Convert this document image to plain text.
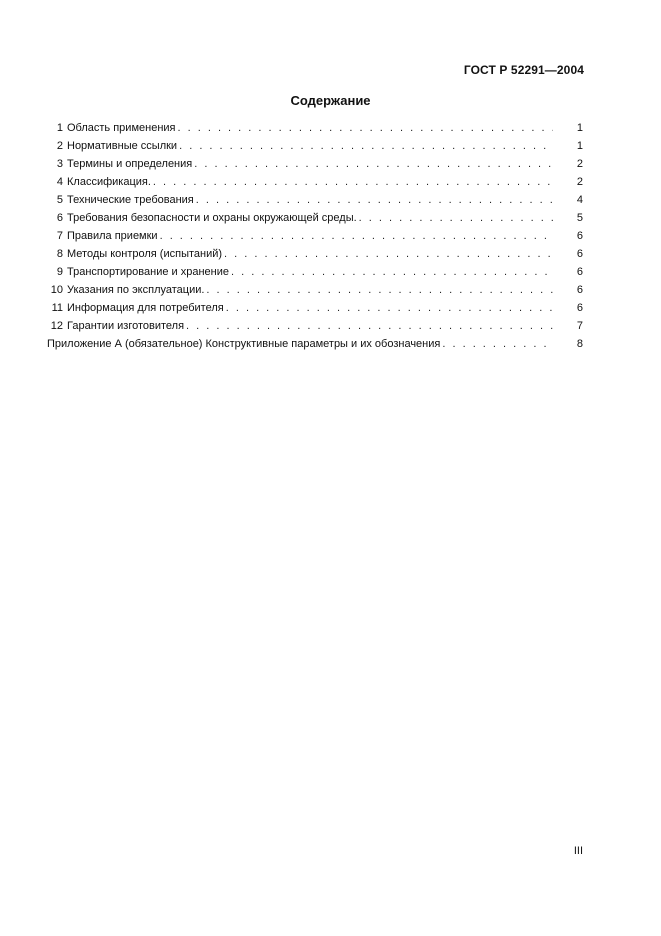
ГОСТ Р 52291—2004
Содержание
1 Область применения . . .	1
2 Нормативные ссылки . . .	1
3 Термины и определения . . .	2
4 Классификация. . . .	2
5 Технические требования . . .	4
6 Требования безопасности и охраны окружающей среды. . . .	5
7 Правила приемки . . .	6
8 Методы контроля (испытаний) . . .	6
9 Транспортирование и хранение . . .	6
10 Указания по эксплуатации. . . .	6
11 Информация для потребителя . . .	6
12 Гарантии изготовителя . . .	7
Приложение А (обязательное) Конструктивные параметры и их обозначения . . .	8
III
